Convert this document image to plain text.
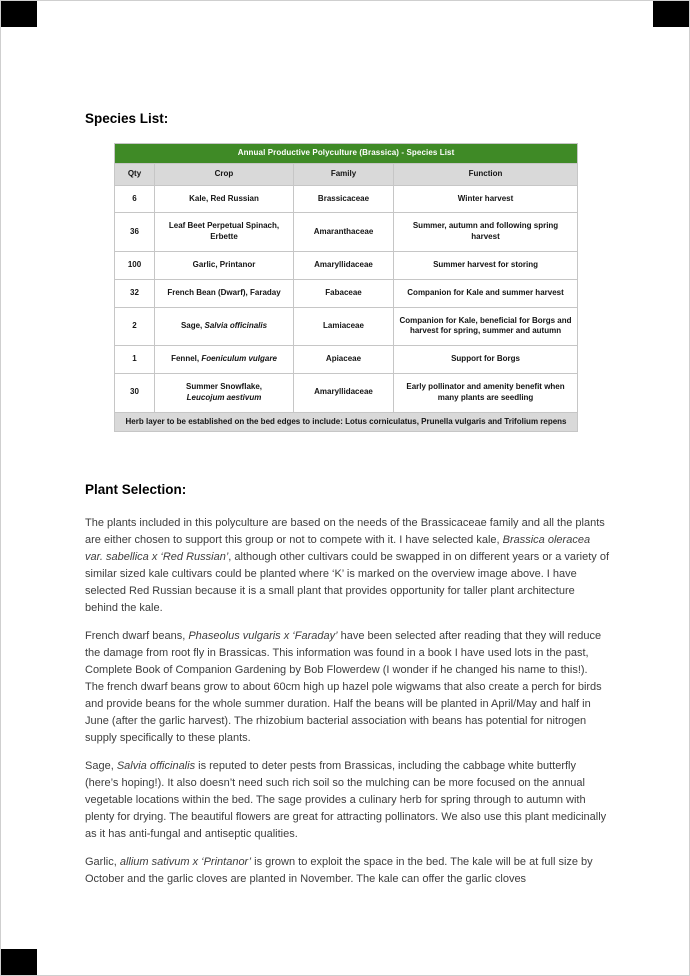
Species List:
Annual Productive Polyculture (Brassica) - Species List			
Qty	Crop	Family	Function
6	Kale, Red Russian	Brassicaceae	Winter harvest
36	Leaf Beet Perpetual Spinach, Erbette	Amaranthaceae	Summer, autumn and following spring harvest
100	Garlic, Printanor	Amaryllidaceae	Summer harvest for storing
32	French Bean (Dwarf), Faraday	Fabaceae	Companion for Kale and summer harvest
2	Sage, Salvia officinalis	Lamiaceae	Companion for Kale, beneficial for Borgs and harvest for spring, summer and autumn
1	Fennel, Foeniculum vulgare	Apiaceae	Support for Borgs
30	Summer Snowflake, Leucojum aestivum	Amaryllidaceae	Early pollinator and amenity benefit when many plants are seedling
Herb layer to be established on the bed edges to include: Lotus corniculatus, Prunella vulgaris and Trifolium repens			
Plant Selection:

The plants included in this polyculture are based on the needs of the Brassicaceae family and all the plants are either chosen to support this group or not to compete with it. I have selected kale, Brassica oleracea var. sabellica x ‘Red Russian’, although other cultivars could be swapped in on different years or a variety of similar sized kale cultivars could be planted where ‘K’ is marked on the overview image above. I have selected Red Russian because it is a small plant that provides opportunity for taller plant architecture behind the kale.

French dwarf beans, Phaseolus vulgaris x ‘Faraday’ have been selected after reading that they will reduce the damage from root fly in Brassicas. This information was found in a book I have used lots in the past, Complete Book of Companion Gardening by Bob Flowerdew (I wonder if he changed his name to this!). The french dwarf beans grow to about 60cm high up hazel pole wigwams that also create a perch for birds and provide beans for the whole summer duration. Half the beans will be planted in April/May and half in June (after the garlic harvest). The rhizobium bacterial association with beans has potential for nitrogen supply specifically to these plants.

Sage, Salvia officinalis is reputed to deter pests from Brassicas, including the cabbage white butterfly (here’s hoping!). It also doesn’t need such rich soil so the mulching can be more focused on the annual vegetable locations within the bed. The sage provides a culinary herb for spring through to autumn with plenty for drying. The beautiful flowers are great for attracting pollinators. We also use this plant medicinally as it has anti-fungal and antiseptic qualities.

Garlic, allium sativum x ‘Printanor’ is grown to exploit the space in the bed. The kale will be at full size by October and the garlic cloves are planted in November. The kale can offer the garlic cloves
